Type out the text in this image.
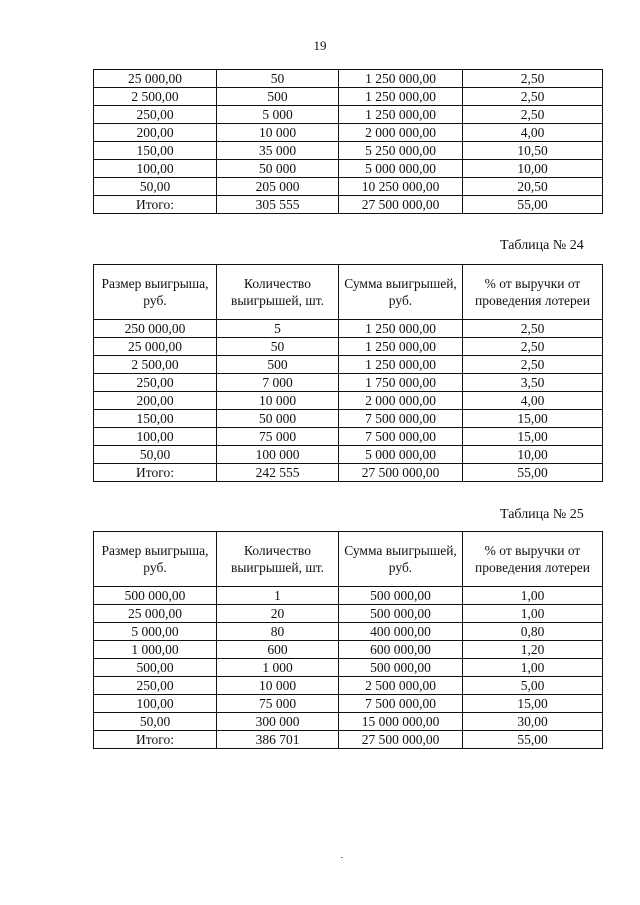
19
25 000,00	50	1 250 000,00	2,50
2 500,00	500	1 250 000,00	2,50
250,00	5 000	1 250 000,00	2,50
200,00	10 000	2 000 000,00	4,00
150,00	35 000	5 250 000,00	10,50
100,00	50 000	5 000 000,00	10,00
50,00	205 000	10 250 000,00	20,50
Итого:	305 555	27 500 000,00	55,00
Таблица № 24
Размер выигрыша, руб.	Количество выигрышей, шт.	Сумма выигрышей, руб.	% от выручки от проведения лотереи
250 000,00	5	1 250 000,00	2,50
25 000,00	50	1 250 000,00	2,50
2 500,00	500	1 250 000,00	2,50
250,00	7 000	1 750 000,00	3,50
200,00	10 000	2 000 000,00	4,00
150,00	50 000	7 500 000,00	15,00
100,00	75 000	7 500 000,00	15,00
50,00	100 000	5 000 000,00	10,00
Итого:	242 555	27 500 000,00	55,00
Таблица № 25
Размер выигрыша, руб.	Количество выигрышей, шт.	Сумма выигрышей, руб.	% от выручки от проведения лотереи
500 000,00	1	500 000,00	1,00
25 000,00	20	500 000,00	1,00
5 000,00	80	400 000,00	0,80
1 000,00	600	600 000,00	1,20
500,00	1 000	500 000,00	1,00
250,00	10 000	2 500 000,00	5,00
100,00	75 000	7 500 000,00	15,00
50,00	300 000	15 000 000,00	30,00
Итого:	386 701	27 500 000,00	55,00
